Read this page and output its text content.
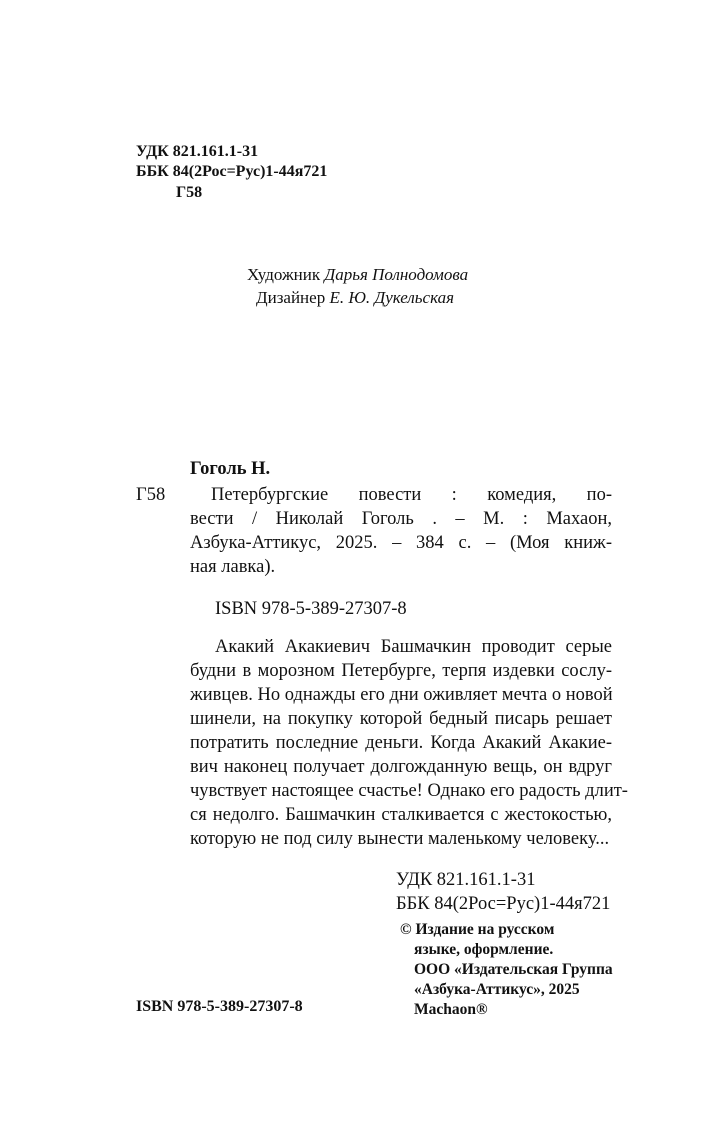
УДК 821.161.1-31
ББК 84(2Рос=Рус)1-44я721
Г58
Художник Дарья Полнодомова
Дизайнер Е. Ю. Дукельская
Гоголь Н.
Г58 Петербургские повести : комедия, по-
вести / Николай Гоголь . – М. : Махаон,
Азбука-Аттикус, 2025. – 384 с. – (Моя книж-
ная лавка).
ISBN 978-5-389-27307-8
Акакий Акакиевич Башмачкин проводит серые
будни в морозном Петербурге, терпя издевки сослу-
живцев. Но однажды его дни оживляет мечта о новой
шинели, на покупку которой бедный писарь решает
потратить последние деньги. Когда Акакий Акакие-
вич наконец получает долгожданную вещь, он вдруг
чувствует настоящее счастье! Однако его радость длит-
ся недолго. Башмачкин сталкивается с жестокостью,
которую не под силу вынести маленькому человеку...
УДК 821.161.1-31
ББК 84(2Рос=Рус)1-44я721
© Издание на русском
языке, оформление.
ООО «Издательская Группа
«Азбука-Аттикус», 2025
Machaon®
ISBN 978-5-389-27307-8
